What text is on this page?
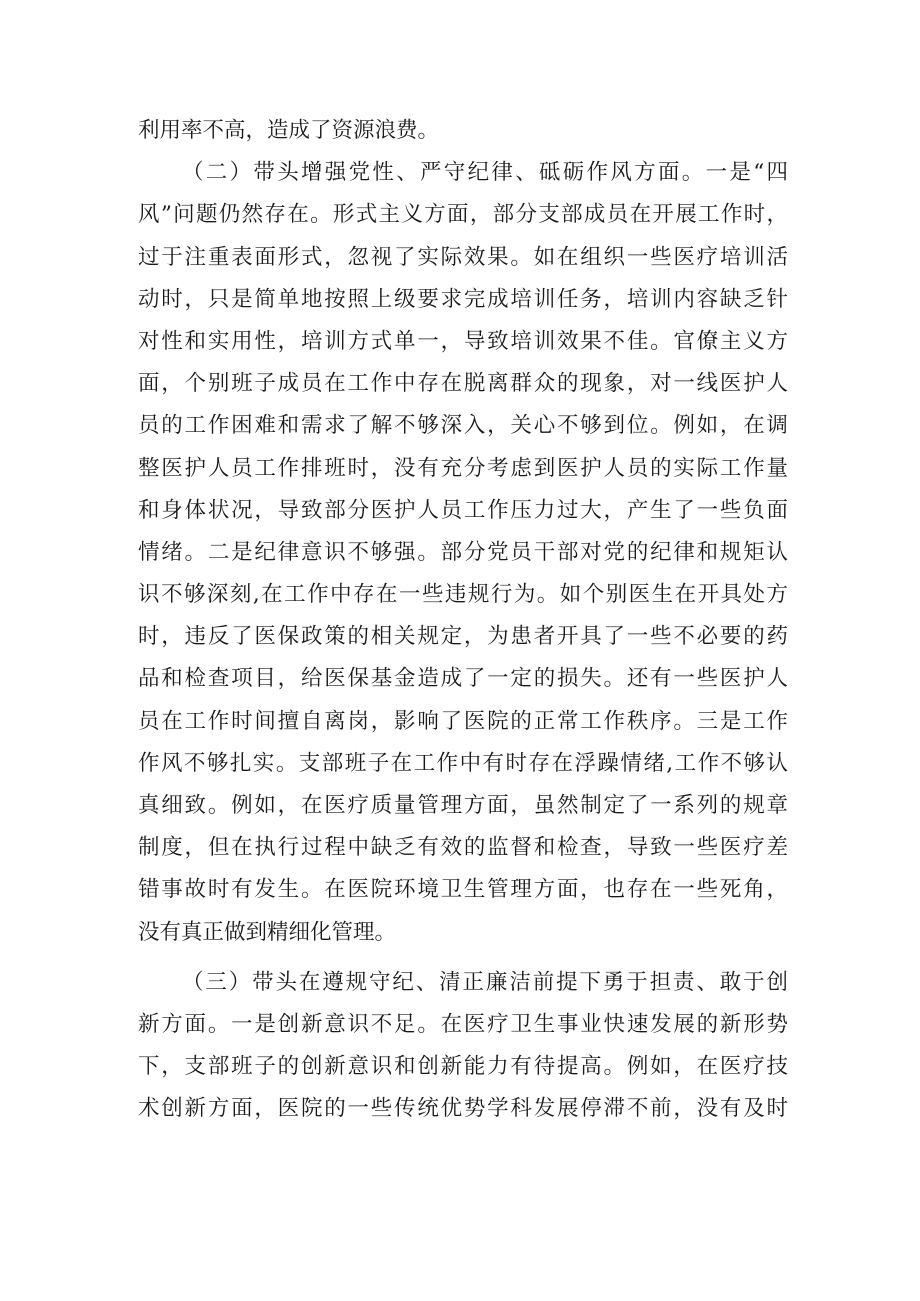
利用率不高，造成了资源浪费。
（二）带头增强党性、严守纪律、砥砺作风方面。一是“四
风”问题仍然存在。形式主义方面，部分支部成员在开展工作时，
过于注重表面形式，忽视了实际效果。如在组织一些医疗培训活
动时，只是简单地按照上级要求完成培训任务，培训内容缺乏针
对性和实用性，培训方式单一，导致培训效果不佳。官僚主义方
面，个别班子成员在工作中存在脱离群众的现象，对一线医护人
员的工作困难和需求了解不够深入，关心不够到位。例如，在调
整医护人员工作排班时，没有充分考虑到医护人员的实际工作量
和身体状况，导致部分医护人员工作压力过大，产生了一些负面
情绪。二是纪律意识不够强。部分党员干部对党的纪律和规矩认
识不够深刻,在工作中存在一些违规行为。如个别医生在开具处方
时，违反了医保政策的相关规定，为患者开具了一些不必要的药
品和检查项目，给医保基金造成了一定的损失。还有一些医护人
员在工作时间擅自离岗，影响了医院的正常工作秩序。三是工作
作风不够扎实。支部班子在工作中有时存在浮躁情绪,工作不够认
真细致。例如，在医疗质量管理方面，虽然制定了一系列的规章
制度，但在执行过程中缺乏有效的监督和检查，导致一些医疗差
错事故时有发生。在医院环境卫生管理方面，也存在一些死角，
没有真正做到精细化管理。
（三）带头在遵规守纪、清正廉洁前提下勇于担责、敢于创
新方面。一是创新意识不足。在医疗卫生事业快速发展的新形势
下，支部班子的创新意识和创新能力有待提高。例如，在医疗技
术创新方面，医院的一些传统优势学科发展停滞不前，没有及时
